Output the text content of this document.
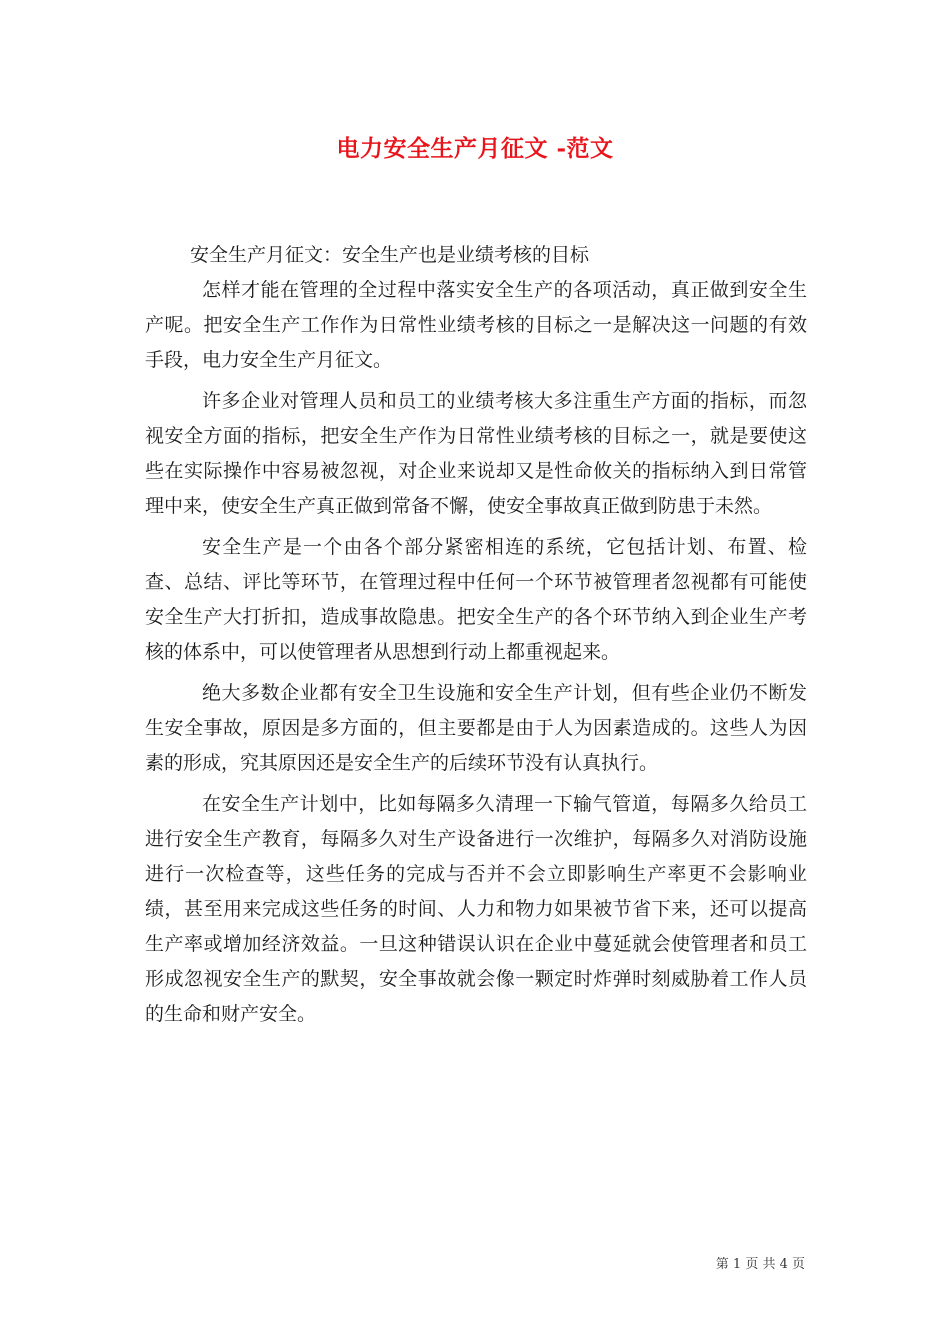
电力安全生产月征文 -范文

安全生产月征文：安全生产也是业绩考核的目标

怎样才能在管理的全过程中落实安全生产的各项活动，真正做到安全生产呢。把安全生产工作作为日常性业绩考核的目标之一是解决这一问题的有效手段，电力安全生产月征文。

许多企业对管理人员和员工的业绩考核大多注重生产方面的指标，而忽视安全方面的指标，把安全生产作为日常性业绩考核的目标之一，就是要使这些在实际操作中容易被忽视，对企业来说却又是性命攸关的指标纳入到日常管理中来，使安全生产真正做到常备不懈，使安全事故真正做到防患于未然。

安全生产是一个由各个部分紧密相连的系统，它包括计划、布置、检查、总结、评比等环节，在管理过程中任何一个环节被管理者忽视都有可能使安全生产大打折扣，造成事故隐患。把安全生产的各个环节纳入到企业生产考核的体系中，可以使管理者从思想到行动上都重视起来。

绝大多数企业都有安全卫生设施和安全生产计划，但有些企业仍不断发生安全事故，原因是多方面的，但主要都是由于人为因素造成的。这些人为因素的形成，究其原因还是安全生产的后续环节没有认真执行。

在安全生产计划中，比如每隔多久清理一下输气管道，每隔多久给员工进行安全生产教育，每隔多久对生产设备进行一次维护，每隔多久对消防设施进行一次检查等，这些任务的完成与否并不会立即影响生产率更不会影响业绩，甚至用来完成这些任务的时间、人力和物力如果被节省下来，还可以提高生产率或增加经济效益。一旦这种错误认识在企业中蔓延就会使管理者和员工形成忽视安全生产的默契，安全事故就会像一颗定时炸弹时刻威胁着工作人员的生命和财产安全。

第 1 页 共 4 页
